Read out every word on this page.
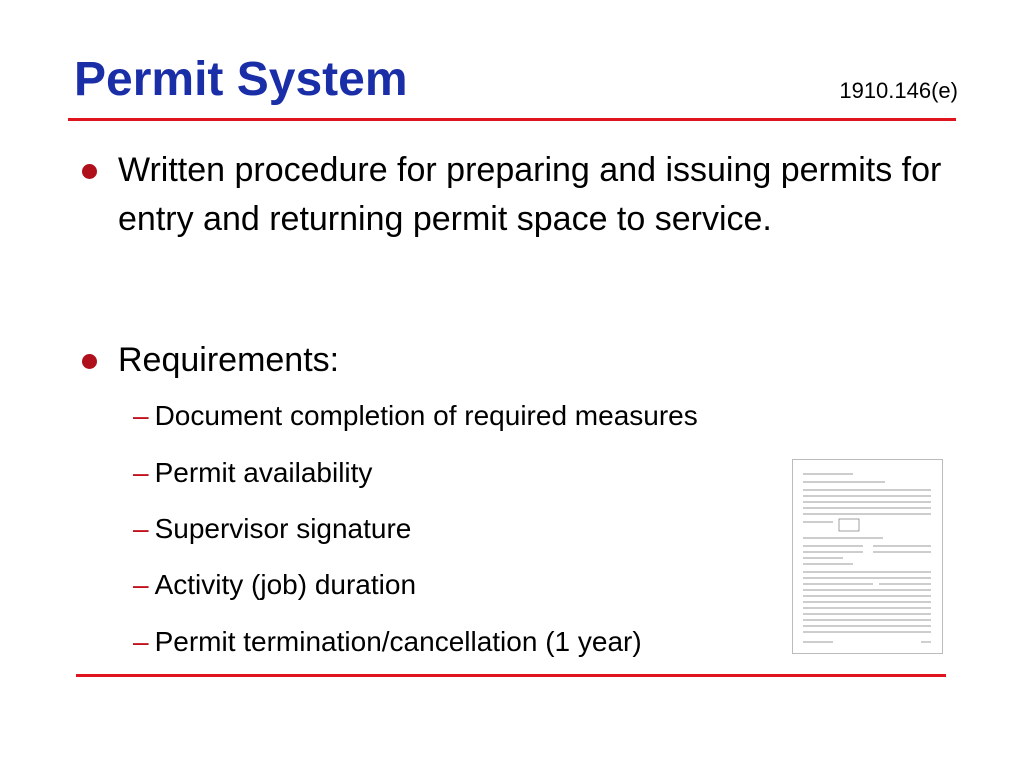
Permit System	1910.146(e)
Written procedure for preparing and issuing permits for entry and returning permit space to service.
Requirements:
– Document completion of required measures
– Permit availability
– Supervisor signature
– Activity (job) duration
– Permit termination/cancellation (1 year)
